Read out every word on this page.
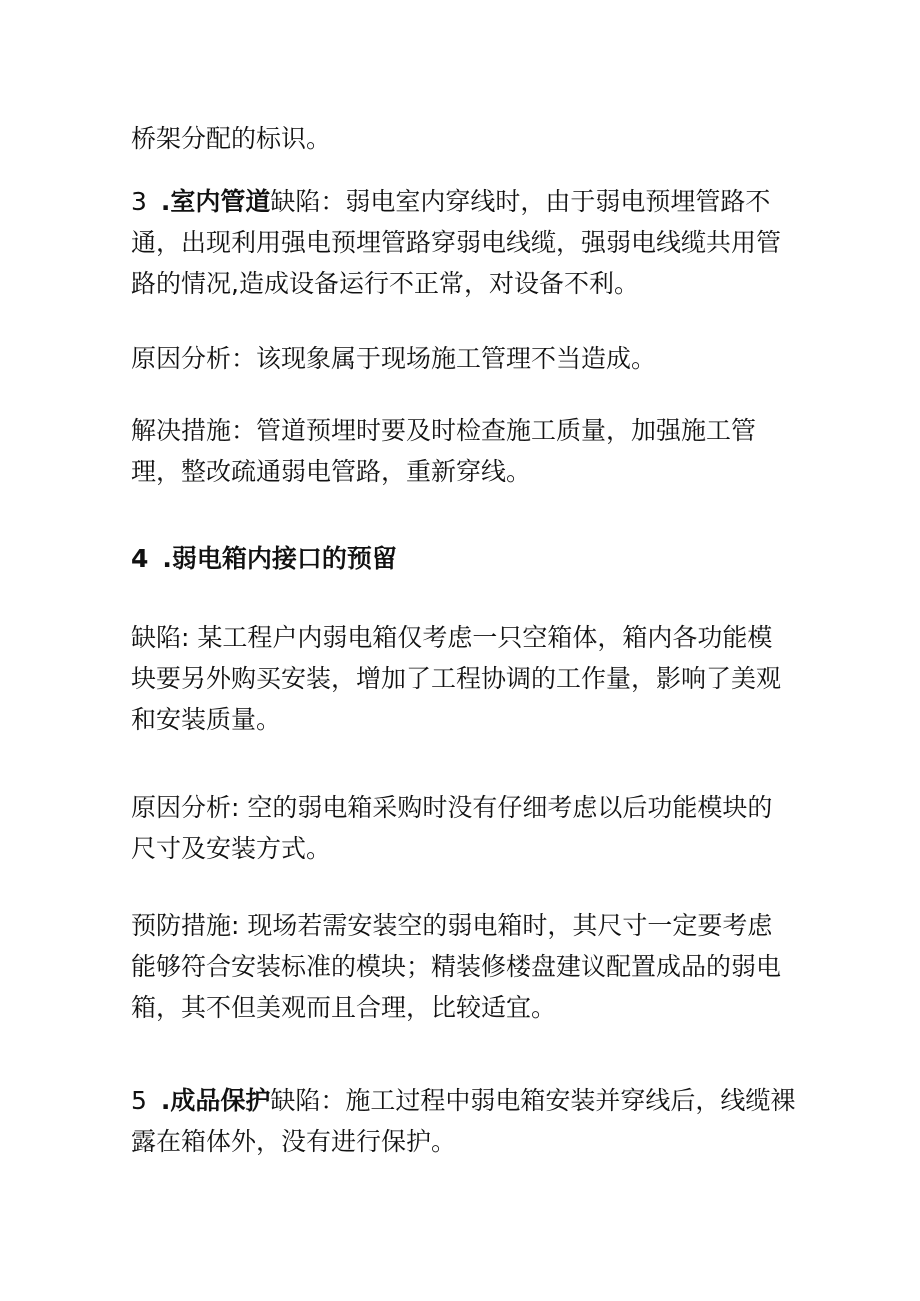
桥架分配的标识。

3 .室内管道缺陷：弱电室内穿线时，由于弱电预埋管路不通，出现利用强电预埋管路穿弱电线缆，强弱电线缆共用管路的情况,造成设备运行不正常，对设备不利。

原因分析：该现象属于现场施工管理不当造成。

解决措施：管道预埋时要及时检查施工质量，加强施工管理，整改疏通弱电管路，重新穿线。

4 .弱电箱内接口的预留

缺陷: 某工程户内弱电箱仅考虑一只空箱体，箱内各功能模块要另外购买安装，增加了工程协调的工作量，影响了美观和安装质量。

原因分析: 空的弱电箱采购时没有仔细考虑以后功能模块的尺寸及安装方式。

预防措施: 现场若需安装空的弱电箱时，其尺寸一定要考虑能够符合安装标准的模块；精装修楼盘建议配置成品的弱电箱，其不但美观而且合理，比较适宜。

5 .成品保护缺陷：施工过程中弱电箱安装并穿线后，线缆裸露在箱体外，没有进行保护。
